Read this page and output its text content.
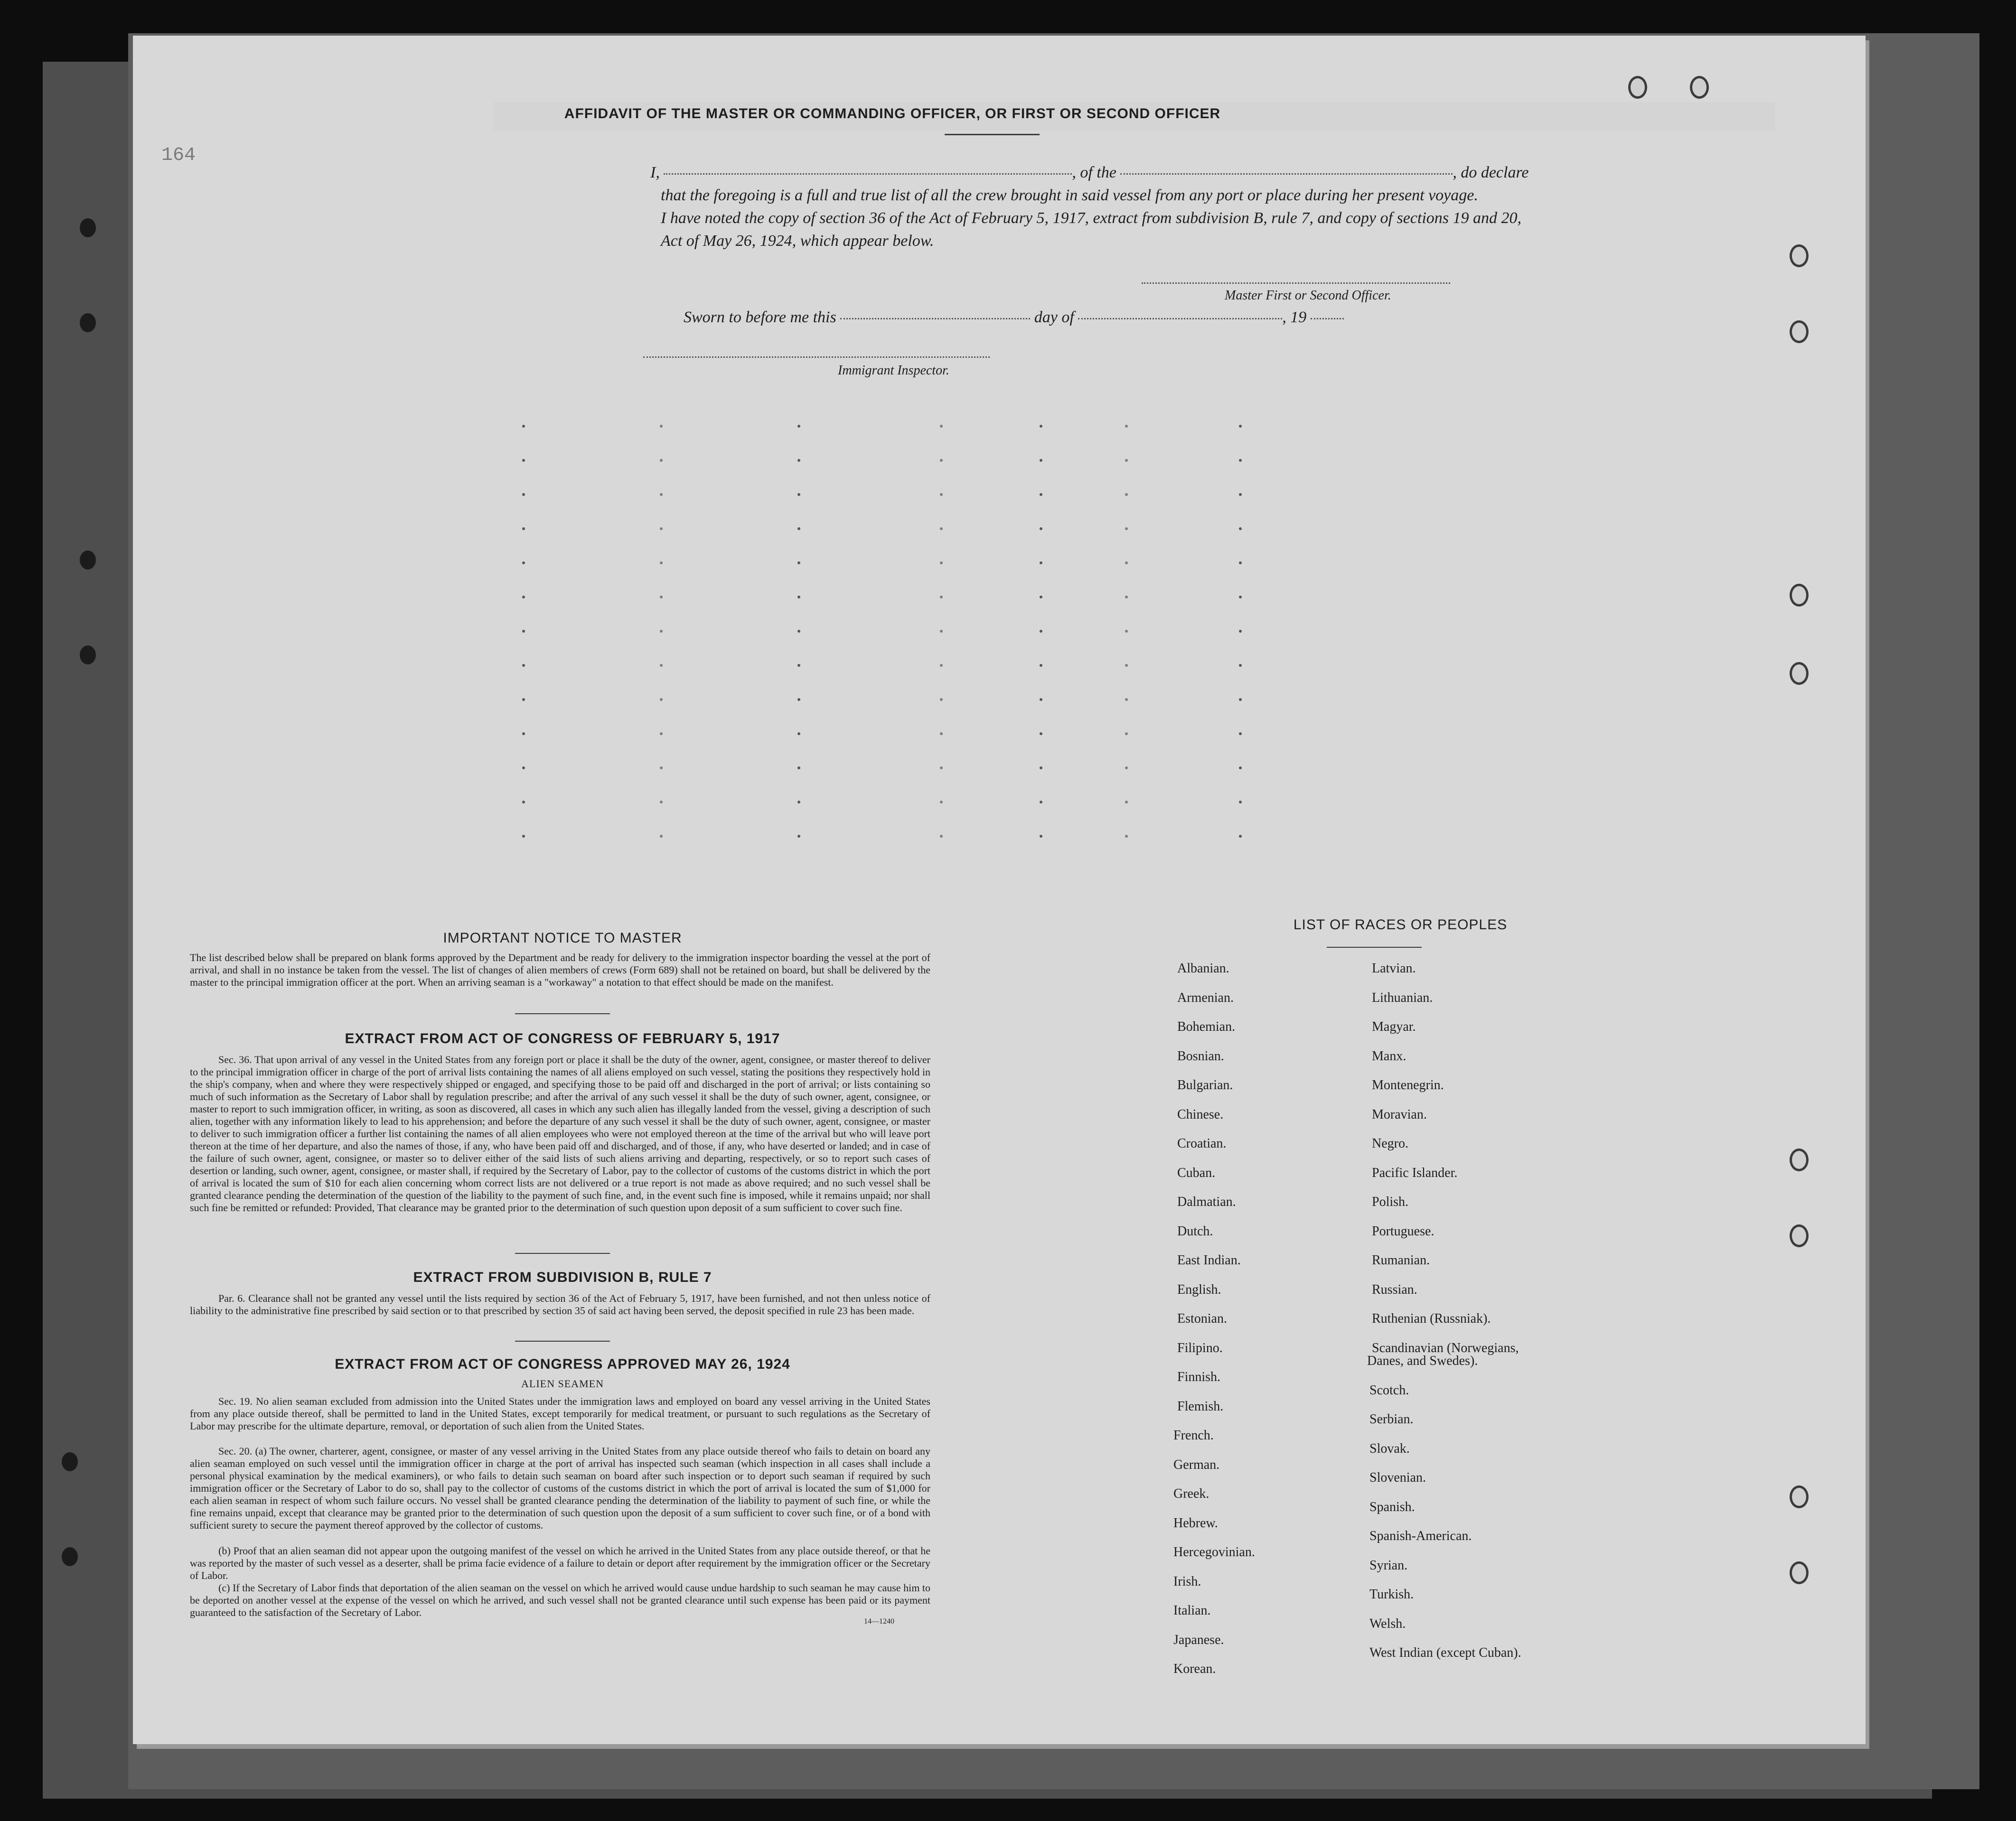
164
AFFIDAVIT OF THE MASTER OR COMMANDING OFFICER, OR FIRST OR SECOND OFFICER
I,	, of the	, do declare
that the foregoing is a full and true list of all the crew brought in said vessel from any port or place during her present voyage.
I have noted the copy of section 36 of the Act of February 5, 1917, extract from subdivision B, rule 7, and copy of sections 19 and 20,
Act of May 26, 1924, which appear below.
Master First or Second Officer.
Sworn to before me this	day of	, 19
Immigrant Inspector.
IMPORTANT NOTICE TO MASTER
The list described below shall be prepared on blank forms approved by the Department and be ready for delivery to the immigration inspector boarding the vessel at the port of arrival, and shall in no instance be taken from the vessel. The list of changes of alien members of crews (Form 689) shall not be retained on board, but shall be delivered by the master to the principal immigration officer at the port. When an arriving seaman is a "workaway" a notation to that effect should be made on the manifest.
EXTRACT FROM ACT OF CONGRESS OF FEBRUARY 5, 1917
Sec. 36. That upon arrival of any vessel in the United States from any foreign port or place it shall be the duty of the owner, agent, consignee, or master thereof to deliver to the principal immigration officer in charge of the port of arrival lists containing the names of all aliens employed on such vessel, stating the positions they respectively hold in the ship's company, when and where they were respectively shipped or engaged, and specifying those to be paid off and discharged in the port of arrival; or lists containing so much of such information as the Secretary of Labor shall by regulation prescribe; and after the arrival of any such vessel it shall be the duty of such owner, agent, consignee, or master to report to such immigration officer, in writing, as soon as discovered, all cases in which any such alien has illegally landed from the vessel, giving a description of such alien, together with any information likely to lead to his apprehension; and before the departure of any such vessel it shall be the duty of such owner, agent, consignee, or master to deliver to such immigration officer a further list containing the names of all alien employees who were not employed thereon at the time of the arrival but who will leave port thereon at the time of her departure, and also the names of those, if any, who have been paid off and discharged, and of those, if any, who have deserted or landed; and in case of the failure of such owner, agent, consignee, or master so to deliver either of the said lists of such aliens arriving and departing, respectively, or so to report such cases of desertion or landing, such owner, agent, consignee, or master shall, if required by the Secretary of Labor, pay to the collector of customs of the customs district in which the port of arrival is located the sum of $10 for each alien concerning whom correct lists are not delivered or a true report is not made as above required; and no such vessel shall be granted clearance pending the determination of the question of the liability to the payment of such fine, and, in the event such fine is imposed, while it remains unpaid; nor shall such fine be remitted or refunded: Provided, That clearance may be granted prior to the determination of such question upon deposit of a sum sufficient to cover such fine.
EXTRACT FROM SUBDIVISION B, RULE 7
Par. 6. Clearance shall not be granted any vessel until the lists required by section 36 of the Act of February 5, 1917, have been furnished, and not then unless notice of liability to the administrative fine prescribed by said section or to that prescribed by section 35 of said act having been served, the deposit specified in rule 23 has been made.
EXTRACT FROM ACT OF CONGRESS APPROVED MAY 26, 1924
ALIEN SEAMEN
Sec. 19. No alien seaman excluded from admission into the United States under the immigration laws and employed on board any vessel arriving in the United States from any place outside thereof, shall be permitted to land in the United States, except temporarily for medical treatment, or pursuant to such regulations as the Secretary of Labor may prescribe for the ultimate departure, removal, or deportation of such alien from the United States.
Sec. 20. (a) The owner, charterer, agent, consignee, or master of any vessel arriving in the United States from any place outside thereof who fails to detain on board any alien seaman employed on such vessel until the immigration officer in charge at the port of arrival has inspected such seaman (which inspection in all cases shall include a personal physical examination by the medical examiners), or who fails to detain such seaman on board after such inspection or to deport such seaman if required by such immigration officer or the Secretary of Labor to do so, shall pay to the collector of customs of the customs district in which the port of arrival is located the sum of $1,000 for each alien seaman in respect of whom such failure occurs. No vessel shall be granted clearance pending the determination of the liability to payment of such fine, or while the fine remains unpaid, except that clearance may be granted prior to the determination of such question upon the deposit of a sum sufficient to cover such fine, or of a bond with sufficient surety to secure the payment thereof approved by the collector of customs.
(b) Proof that an alien seaman did not appear upon the outgoing manifest of the vessel on which he arrived in the United States from any place outside thereof, or that he was reported by the master of such vessel as a deserter, shall be prima facie evidence of a failure to detain or deport after requirement by the immigration officer or the Secretary of Labor.
(c) If the Secretary of Labor finds that deportation of the alien seaman on the vessel on which he arrived would cause undue hardship to such seaman he may cause him to be deported on another vessel at the expense of the vessel on which he arrived, and such vessel shall not be granted clearance until such expense has been paid or its payment guaranteed to the satisfaction of the Secretary of Labor.
14—1240
LIST OF RACES OR PEOPLES
Albanian.
Armenian.
Bohemian.
Bosnian.
Bulgarian.
Chinese.
Croatian.
Cuban.
Dalmatian.
Dutch.
East Indian.
English.
Estonian.
Filipino.
Finnish.
Flemish.
French.
German.
Greek.
Hebrew.
Hercegovinian.
Irish.
Italian.
Japanese.
Korean.
Latvian.
Lithuanian.
Magyar.
Manx.
Montenegrin.
Moravian.
Negro.
Pacific Islander.
Polish.
Portuguese.
Rumanian.
Russian.
Ruthenian (Russniak).
Scandinavian (Norwegians,
Danes, and Swedes).
Scotch.
Serbian.
Slovak.
Slovenian.
Spanish.
Spanish-American.
Syrian.
Turkish.
Welsh.
West Indian (except Cuban).
